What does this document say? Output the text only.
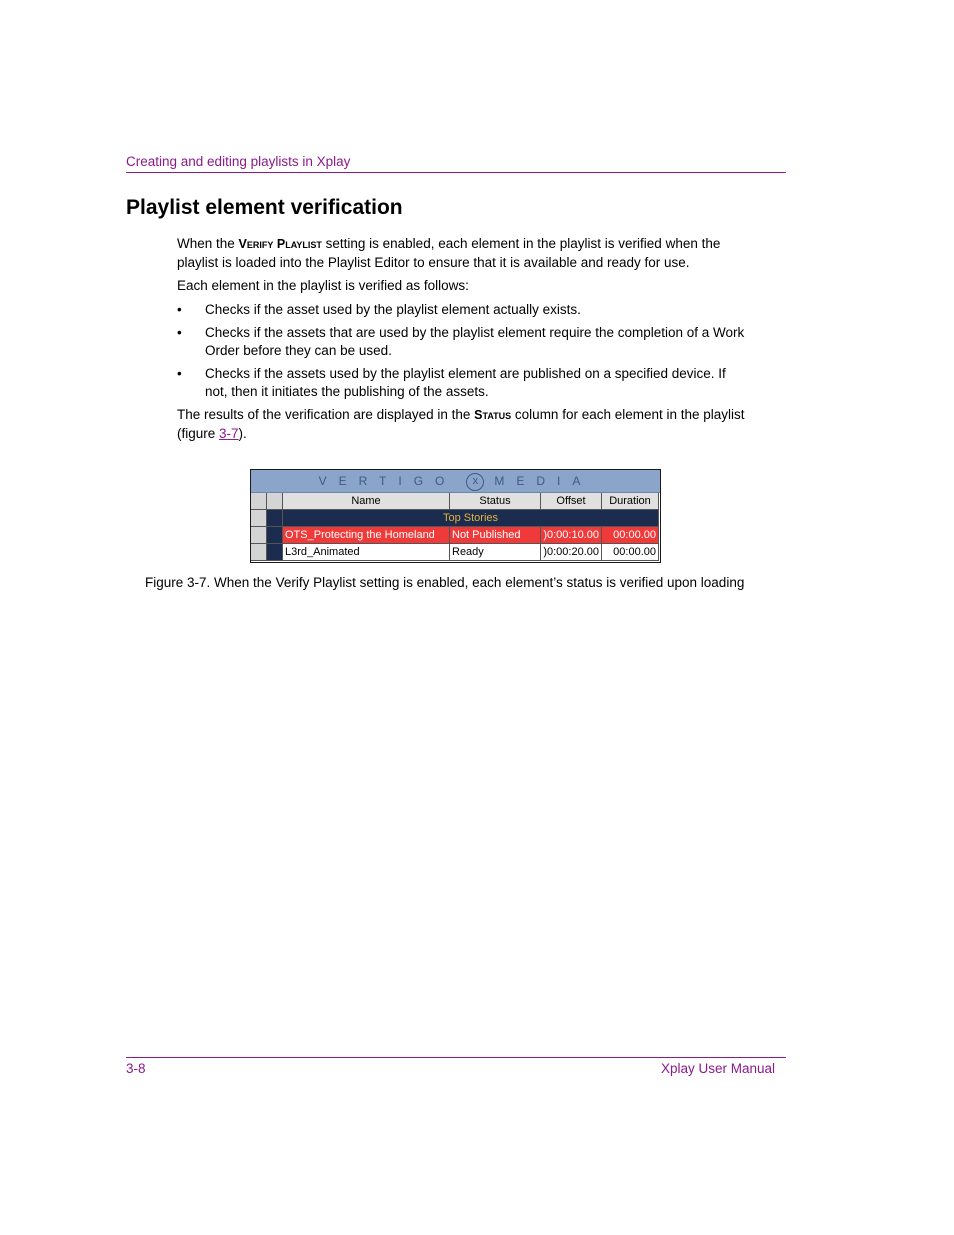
Creating and editing playlists in Xplay
Playlist element verification

When the Verify Playlist setting is enabled, each element in the playlist is verified when the playlist is loaded into the Playlist Editor to ensure that it is available and ready for use.

Each element in the playlist is verified as follows:

• Checks if the asset used by the playlist element actually exists.
• Checks if the assets that are used by the playlist element require the completion of a Work Order before they can be used.
• Checks if the assets used by the playlist element are published on a specified device. If not, then it initiates the publishing of the assets.

The results of the verification are displayed in the Status column for each element in the playlist (figure 3-7).

VERTIGO x MEDIA
Name	Status	Offset	Duration
Top Stories
OTS_Protecting the Homeland	Not Published	)0:00:10.00	00:00.00
L3rd_Animated	Ready	)0:00:20.00	00:00.00
Figure 3-7. When the Verify Playlist setting is enabled, each element’s status is verified upon loading
3-8	Xplay User Manual
